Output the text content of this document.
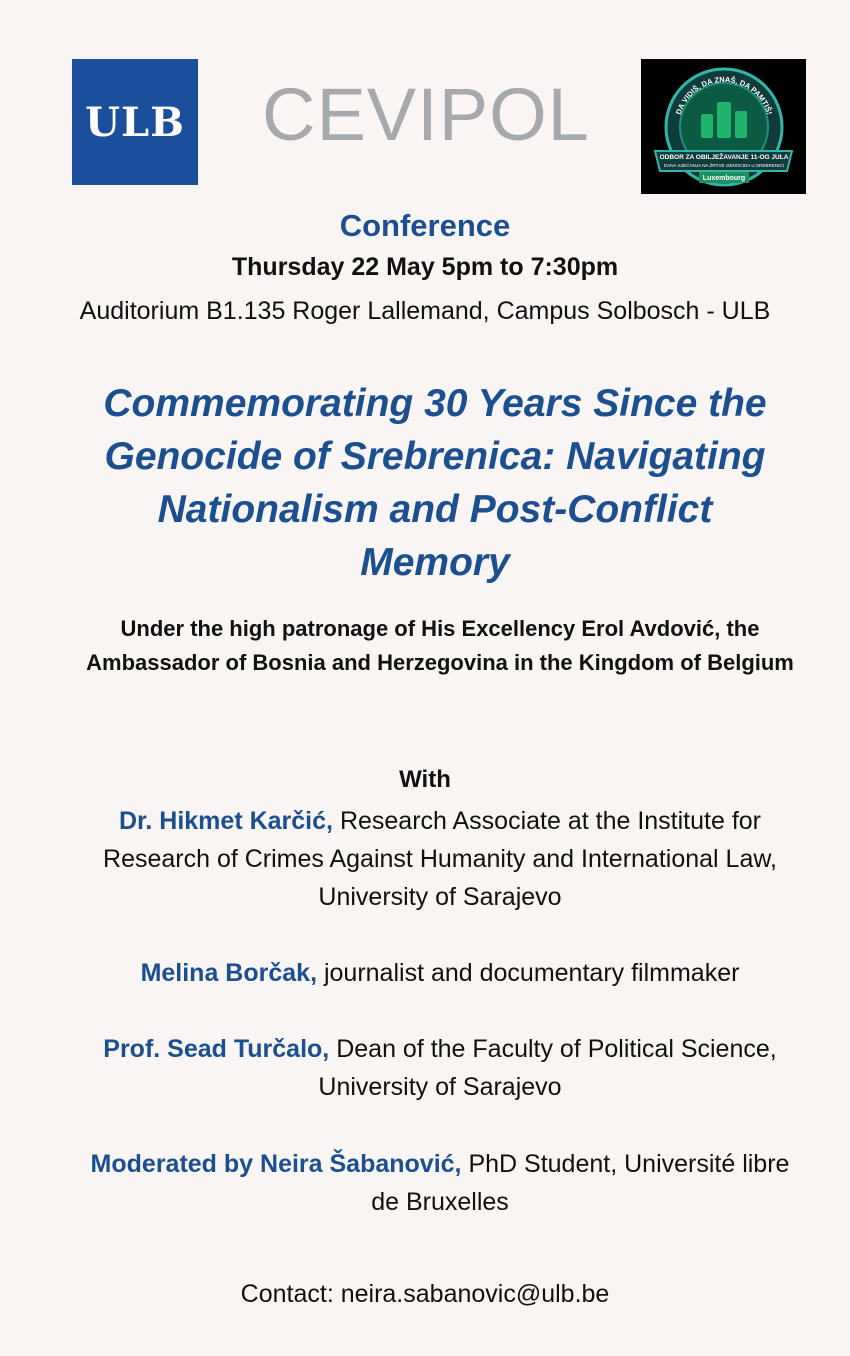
ULB CEVIPOL	DA VIDIŠ, DA ZNAŠ, DA PAMTIŠ!
ODBOR ZA OBILJEŽAVANJE 11-OG JULA
DANA SJEĆANJA NA ŽRTVE GENOCIDA U SREBRENICI
Luxembourg
Conference
Thursday 22 May 5pm to 7:30pm
Auditorium B1.135 Roger Lallemand, Campus Solbosch - ULB
Commemorating 30 Years Since the Genocide of Srebrenica: Navigating Nationalism and Post-Conflict Memory
Under the high patronage of His Excellency Erol Avdović, the Ambassador of Bosnia and Herzegovina in the Kingdom of Belgium
With
Dr. Hikmet Karčić, Research Associate at the Institute for Research of Crimes Against Humanity and International Law, University of Sarajevo
Melina Borčak, journalist and documentary filmmaker
Prof. Sead Turčalo, Dean of the Faculty of Political Science, University of Sarajevo
Moderated by Neira Šabanović, PhD Student, Université libre de Bruxelles
Contact: neira.sabanovic@ulb.be
